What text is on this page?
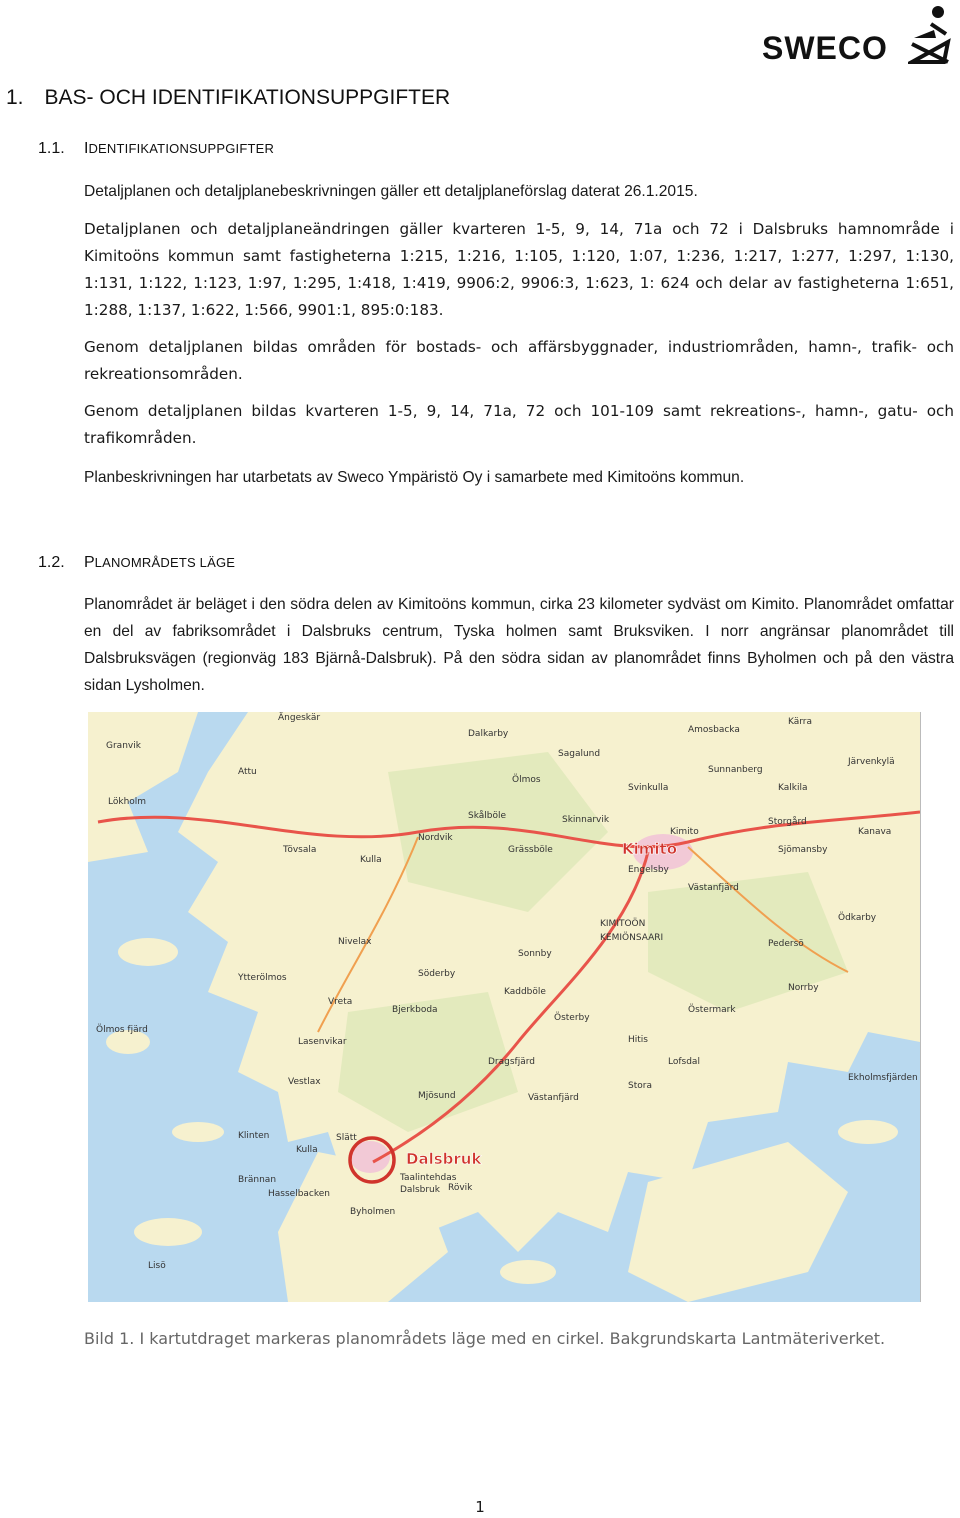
SWECO
1. BAS- OCH IDENTIFIKATIONSUPPGIFTER
1.1. IDENTIFIKATIONSUPPGIFTER
Detaljplanen och detaljplanebeskrivningen gäller ett detaljplaneförslag daterat 26.1.2015.
Detaljplanen och detaljplaneändringen gäller kvarteren 1-5, 9, 14, 71a och 72 i Dalsbruks hamnområde i Kimitoöns kommun samt fastigheterna 1:215, 1:216, 1:105, 1:120, 1:07, 1:236, 1:217, 1:277, 1:297, 1:130, 1:131, 1:122, 1:123, 1:97, 1:295, 1:418, 1:419, 9906:2, 9906:3, 1:623, 1: 624 och delar av fastigheterna 1:651, 1:288, 1:137, 1:622, 1:566, 9901:1, 895:0:183.
Genom detaljplanen bildas områden för bostads- och affärsbyggnader, industriområden, hamn-, trafik- och rekreationsområden.
Genom detaljplanen bildas kvarteren 1-5, 9, 14, 71a, 72 och 101-109 samt rekreations-, hamn-, gatu- och trafikområden.
Planbeskrivningen har utarbetats av Sweco Ympäristö Oy i samarbete med Kimitoöns kommun.
1.2. PLANOMRÅDETS LÄGE
Planområdet är beläget i den södra delen av Kimitoöns kommun, cirka 23 kilometer sydväst om Kimito. Planområdet omfattar en del av fabriksområdet i Dalsbruks centrum, Tyska holmen samt Bruksviken. I norr angränsar planområdet till Dalsbruksvägen (regionväg 183 Bjärnå-Dalsbruk). På den södra sidan av planområdet finns Byholmen och på den västra sidan Lysholmen.
Granvik
Lökholm
Attu
Ängeskär
Dalkarby
Sagalund
Kärra
Amosbacka
Sunnanberg
Järvenkylä
Kalkila
Storgård
Svinkulla
Ölmos
Nordvik
Skålböle	Skinnarvik
Kimito
Sjömansby
Kanava
Tövsala
Kulla
Grässböle
Engelsby
Västanfjärd
KIMITOÖN
KEMIÖNSAARI
Pedersö
Ödkarby
Nivelax
Sonnby
Söderby
Kaddböle
Taalintehdas
Ytterölmos
Bjerkboda
Vreta
Österby
Norrby
Hitis
Östermark
Dragsfjärd
Lasenvikar
Vestlax
Ölmos fjärd
Mjösund
Lofsdal
Västanfjärd
Ekholmsfjärden
Klinten
Kulla
Brännan
Stora
Hasselbacken
Rövik
Byholmen
Slätt
Lisö
Dalsbruk
Kimito
Dalsbruk
Bild 1. I kartutdraget markeras planområdets läge med en cirkel. Bakgrundskarta Lantmäteriverket.
1
